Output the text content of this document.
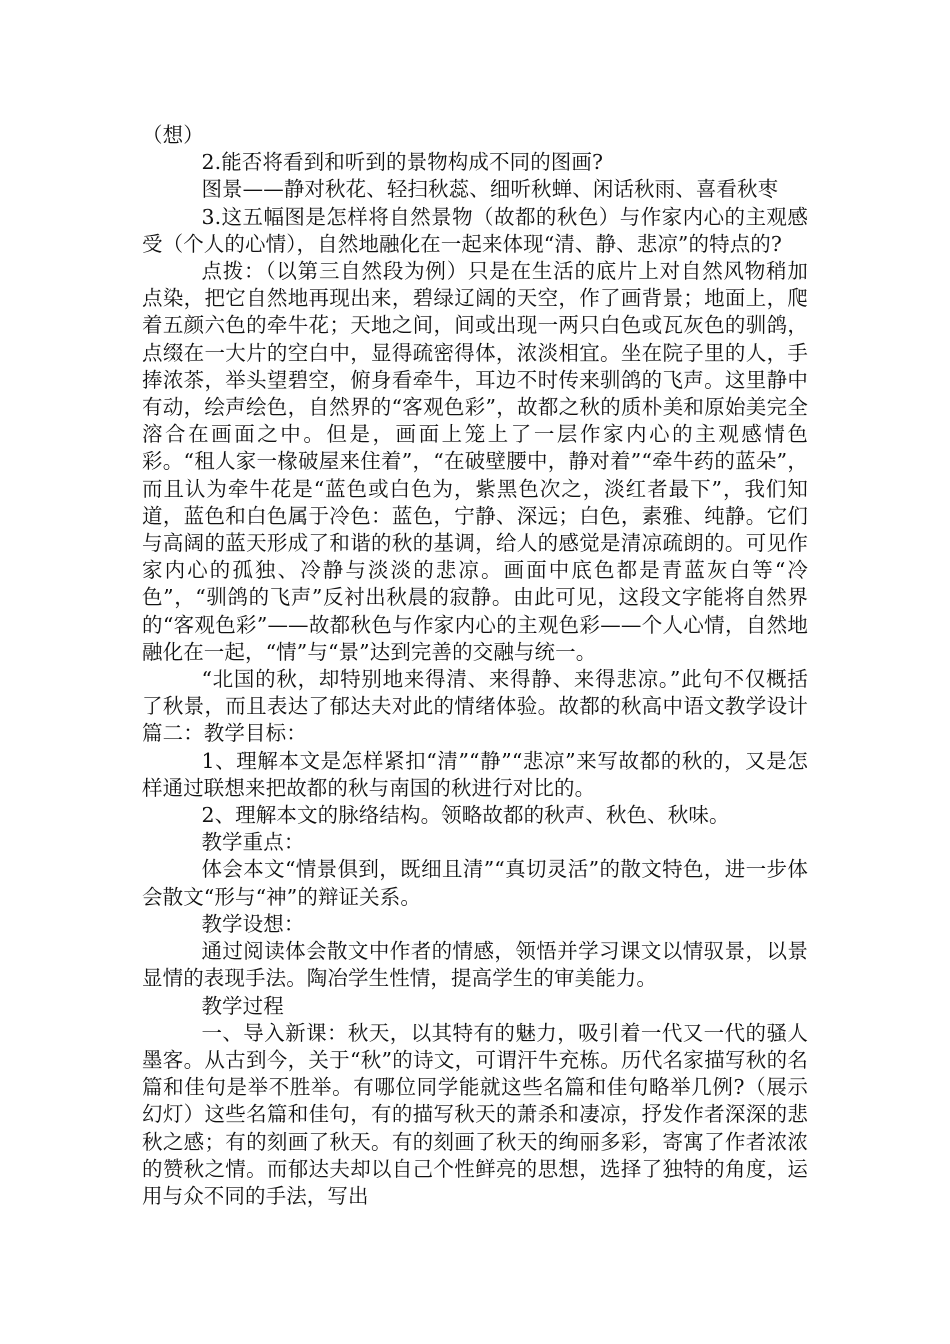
（想）

2.能否将看到和听到的景物构成不同的图画?

图景——静对秋花、轻扫秋蕊、细听秋蝉、闲话秋雨、喜看秋枣

3.这五幅图是怎样将自然景物（故都的秋色）与作家内心的主观感受（个人的心情），自然地融化在一起来体现“清、静、悲凉”的特点的?

点拨：（以第三自然段为例）只是在生活的底片上对自然风物稍加点染，把它自然地再现出来，碧绿辽阔的天空，作了画背景；地面上，爬着五颜六色的牵牛花；天地之间，间或出现一两只白色或瓦灰色的驯鸽，点缀在一大片的空白中，显得疏密得体，浓淡相宜。坐在院子里的人，手捧浓茶，举头望碧空，俯身看牵牛，耳边不时传来驯鸽的飞声。这里静中有动，绘声绘色，自然界的“客观色彩”，故都之秋的质朴美和原始美完全溶合在画面之中。但是，画面上笼上了一层作家内心的主观感情色彩。“租人家一椽破屋来住着”，“在破壁腰中，静对着”“牵牛药的蓝朵”，而且认为牵牛花是“蓝色或白色为，紫黑色次之，淡红者最下”，我们知道，蓝色和白色属于冷色：蓝色，宁静、深远；白色，素雅、纯静。它们与高阔的蓝天形成了和谐的秋的基调，给人的感觉是清凉疏朗的。可见作家内心的孤独、冷静与淡淡的悲凉。画面中底色都是青蓝灰白等“冷色”，“驯鸽的飞声”反衬出秋晨的寂静。由此可见，这段文字能将自然界的“客观色彩”——故都秋色与作家内心的主观色彩——个人心情，自然地融化在一起，“情”与“景”达到完善的交融与统一。

“北国的秋，却特别地来得清、来得静、来得悲凉。”此句不仅概括了秋景，而且表达了郁达夫对此的情绪体验。故都的秋高中语文教学设计篇二：教学目标：

1、理解本文是怎样紧扣“清”“静”“悲凉”来写故都的秋的，又是怎样通过联想来把故都的秋与南国的秋进行对比的。

2、理解本文的脉络结构。领略故都的秋声、秋色、秋味。

教学重点：

体会本文“情景俱到，既细且清”“真切灵活”的散文特色，进一步体会散文“形与“神”的辩证关系。

教学设想：

通过阅读体会散文中作者的情感，领悟并学习课文以情驭景，以景显情的表现手法。陶冶学生性情，提高学生的审美能力。

教学过程

一、导入新课：秋天，以其特有的魅力，吸引着一代又一代的骚人墨客。从古到今，关于“秋”的诗文，可谓汗牛充栋。历代名家描写秋的名篇和佳句是举不胜举。有哪位同学能就这些名篇和佳句略举几例?（展示幻灯）这些名篇和佳句，有的描写秋天的萧杀和凄凉，抒发作者深深的悲秋之感；有的刻画了秋天。有的刻画了秋天的绚丽多彩，寄寓了作者浓浓的赞秋之情。而郁达夫却以自己个性鲜亮的思想，选择了独特的角度，运用与众不同的手法，写出
